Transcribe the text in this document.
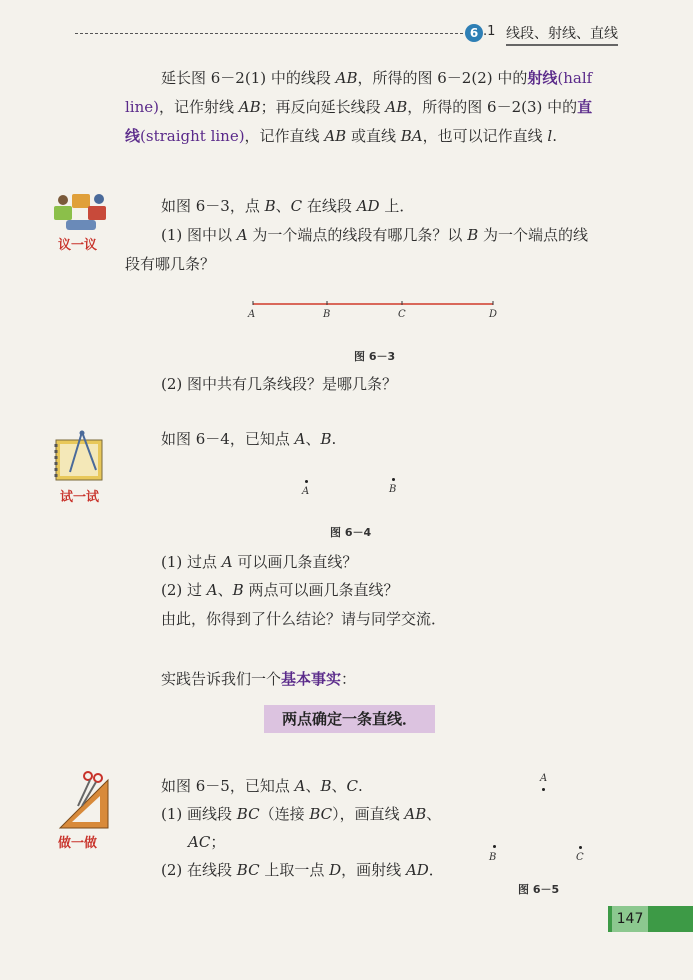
6 .1 线段、射线、直线
延长图 6－2(1) 中的线段 AB，所得的图 6－2(2) 中的射线(half
line)，记作射线 AB；再反向延长线段 AB，所得的图 6－2(3) 中的直
线(straight line)，记作直线 AB 或直线 BA，也可以记作直线 l.
议一议
如图 6－3，点 B、C 在线段 AD 上．
(1) 图中以 A 为一个端点的线段有哪几条？以 B 为一个端点的线
段有哪几条？
A	B	C	D
图 6－3
(2) 图中共有几条线段？是哪几条？
试一试
如图 6－4，已知点 A、B.
A	B
图 6－4
(1) 过点 A 可以画几条直线？
(2) 过 A、B 两点可以画几条直线？
由此，你得到了什么结论？请与同学交流．
实践告诉我们一个基本事实：
两点确定一条直线．
做一做
如图 6－5，已知点 A、B、C.
(1) 画线段 BC（连接 BC），画直线 AB、
AC；
(2) 在线段 BC 上取一点 D，画射线 AD．
A
B	C
图 6－5
147
